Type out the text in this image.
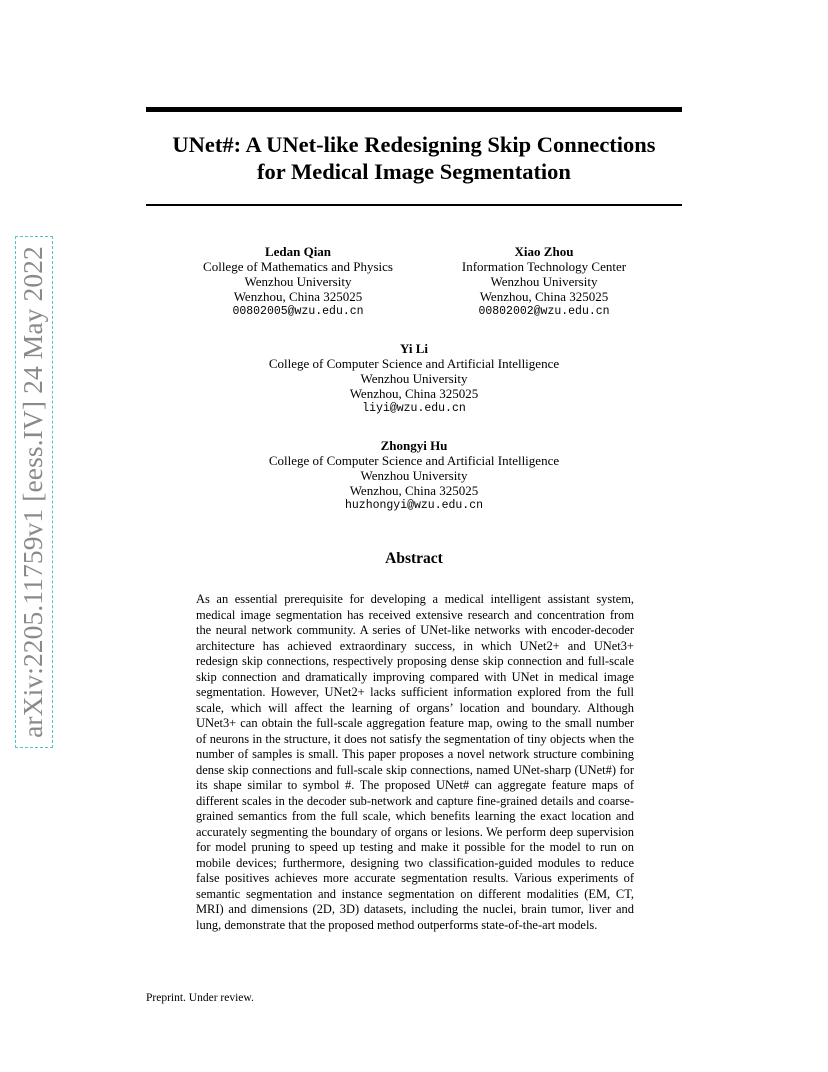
arXiv:2205.11759v1 [eess.IV] 24 May 2022
UNet#: A UNet-like Redesigning Skip Connections
for Medical Image Segmentation
Ledan Qian
College of Mathematics and Physics
Wenzhou University
Wenzhou, China 325025
00802005@wzu.edu.cn
Xiao Zhou
Information Technology Center
Wenzhou University
Wenzhou, China 325025
00802002@wzu.edu.cn
Yi Li
College of Computer Science and Artificial Intelligence
Wenzhou University
Wenzhou, China 325025
liyi@wzu.edu.cn
Zhongyi Hu
College of Computer Science and Artificial Intelligence
Wenzhou University
Wenzhou, China 325025
huzhongyi@wzu.edu.cn
Abstract

As an essential prerequisite for developing a medical intelligent assistant system, medical image segmentation has received extensive research and concentration from the neural network community. A series of UNet-like networks with encoder-decoder architecture has achieved extraordinary success, in which UNet2+ and UNet3+ redesign skip connections, respectively proposing dense skip connection and full-scale skip connection and dramatically improving compared with UNet in medical image segmentation. However, UNet2+ lacks sufficient information explored from the full scale, which will affect the learning of organs’ location and boundary. Although UNet3+ can obtain the full-scale aggregation feature map, owing to the small number of neurons in the structure, it does not satisfy the segmentation of tiny objects when the number of samples is small. This paper proposes a novel network structure combining dense skip connections and full-scale skip connections, named UNet-sharp (UNet#) for its shape similar to symbol #. The proposed UNet# can aggregate feature maps of different scales in the decoder sub-network and capture fine-grained details and coarse-grained semantics from the full scale, which benefits learning the exact location and accurately segmenting the boundary of organs or lesions. We perform deep supervision for model pruning to speed up testing and make it possible for the model to run on mobile devices; furthermore, designing two classification-guided modules to reduce false positives achieves more accurate segmentation results. Various experiments of semantic segmentation and instance segmentation on different modalities (EM, CT, MRI) and dimensions (2D, 3D) datasets, including the nuclei, brain tumor, liver and lung, demonstrate that the proposed method outperforms state-of-the-art models.

Preprint. Under review.
